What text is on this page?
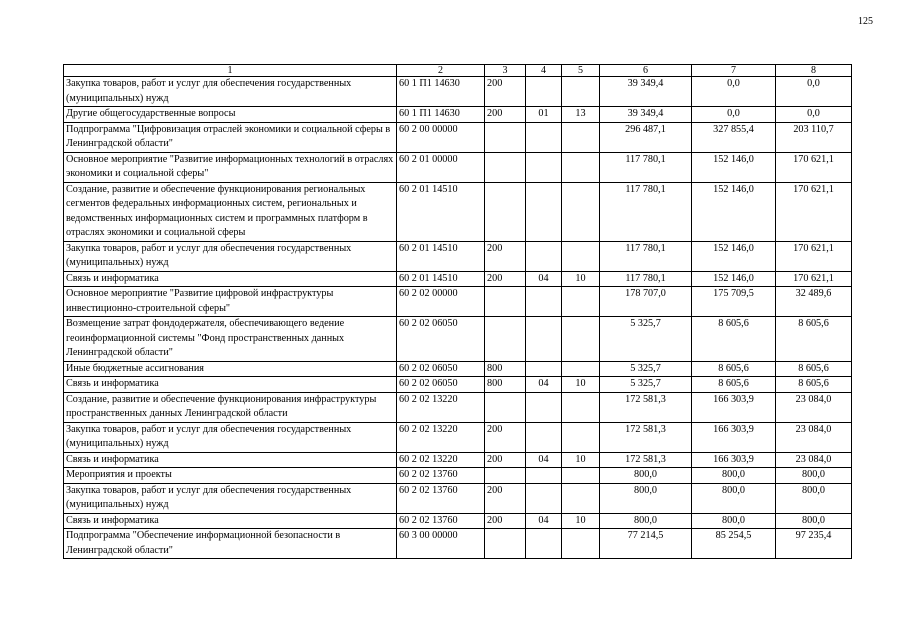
125
1	2	3	4	5	6	7	8
Закупка товаров, работ и услуг для обеспечения государственных (муниципальных) нужд	60 1 П1 14630	200			39 349,4	0,0	0,0
Другие общегосударственные вопросы	60 1 П1 14630	200	01	13	39 349,4	0,0	0,0
Подпрограмма "Цифровизация отраслей экономики и социальной сферы в Ленинградской области"	60 2 00 00000				296 487,1	327 855,4	203 110,7
Основное мероприятие "Развитие информационных технологий в отраслях экономики и социальной сферы"	60 2 01 00000				117 780,1	152 146,0	170 621,1
Создание, развитие и обеспечение функционирования региональных сегментов федеральных информационных систем, региональных и ведомственных информационных систем и программных платформ в отраслях экономики и социальной сферы	60 2 01 14510				117 780,1	152 146,0	170 621,1
Закупка товаров, работ и услуг для обеспечения государственных (муниципальных) нужд	60 2 01 14510	200			117 780,1	152 146,0	170 621,1
Связь и информатика	60 2 01 14510	200	04	10	117 780,1	152 146,0	170 621,1
Основное мероприятие "Развитие цифровой инфраструктуры инвестиционно-строительной сферы"	60 2 02 00000				178 707,0	175 709,5	32 489,6
Возмещение затрат фондодержателя, обеспечивающего ведение геоинформационной системы "Фонд пространственных данных Ленинградской области"	60 2 02 06050				5 325,7	8 605,6	8 605,6
Иные бюджетные ассигнования	60 2 02 06050	800			5 325,7	8 605,6	8 605,6
Связь и информатика	60 2 02 06050	800	04	10	5 325,7	8 605,6	8 605,6
Создание, развитие и обеспечение функционирования инфраструктуры пространственных данных Ленинградской области	60 2 02 13220				172 581,3	166 303,9	23 084,0
Закупка товаров, работ и услуг для обеспечения государственных (муниципальных) нужд	60 2 02 13220	200			172 581,3	166 303,9	23 084,0
Связь и информатика	60 2 02 13220	200	04	10	172 581,3	166 303,9	23 084,0
Мероприятия и проекты	60 2 02 13760				800,0	800,0	800,0
Закупка товаров, работ и услуг для обеспечения государственных (муниципальных) нужд	60 2 02 13760	200			800,0	800,0	800,0
Связь и информатика	60 2 02 13760	200	04	10	800,0	800,0	800,0
Подпрограмма "Обеспечение информационной безопасности в Ленинградской области"	60 3 00 00000				77 214,5	85 254,5	97 235,4
